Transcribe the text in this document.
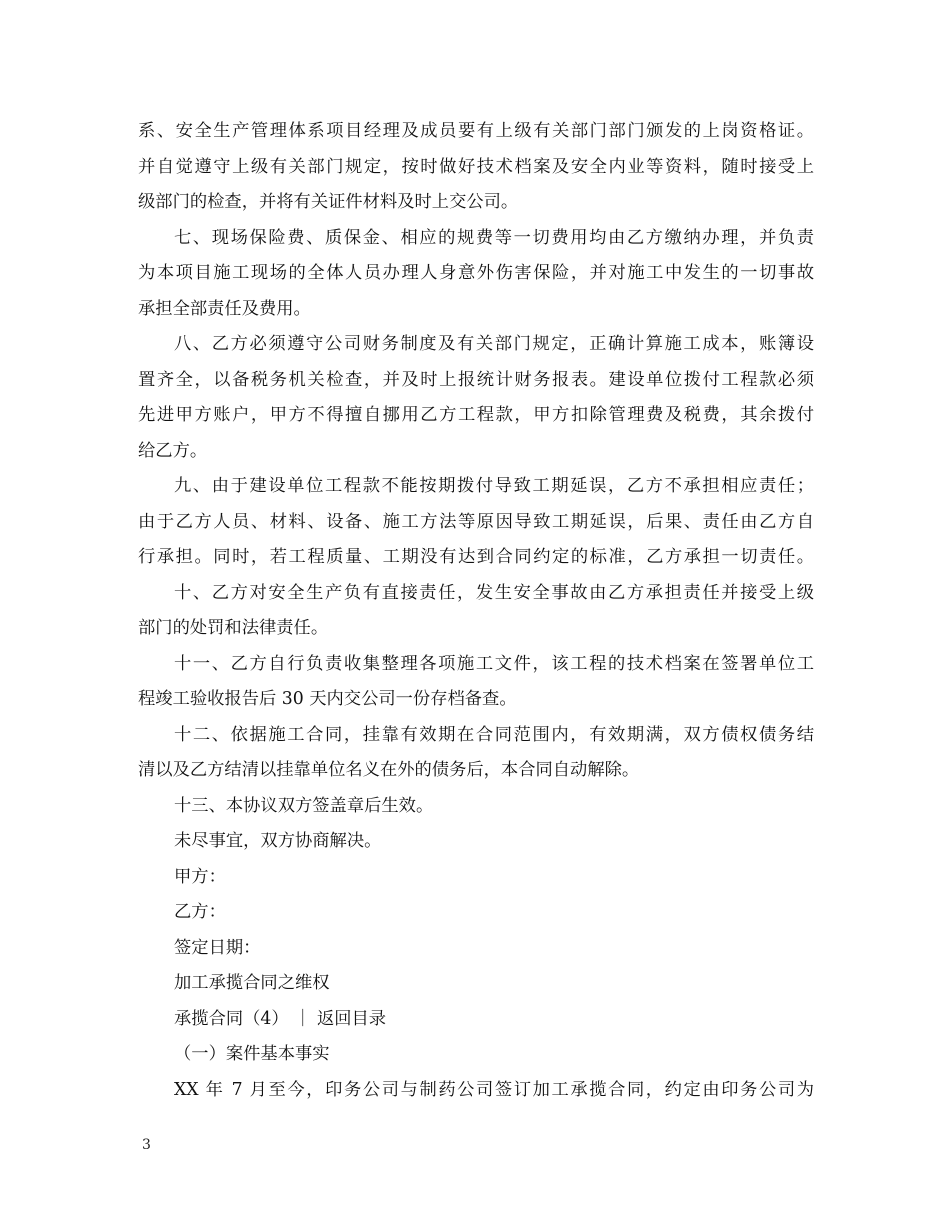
系、安全生产管理体系项目经理及成员要有上级有关部门部门颁发的上岗资格证。
并自觉遵守上级有关部门规定，按时做好技术档案及安全内业等资料，随时接受上
级部门的检查，并将有关证件材料及时上交公司。
七、现场保险费、质保金、相应的规费等一切费用均由乙方缴纳办理，并负责
为本项目施工现场的全体人员办理人身意外伤害保险，并对施工中发生的一切事故
承担全部责任及费用。
八、乙方必须遵守公司财务制度及有关部门规定，正确计算施工成本，账簿设
置齐全，以备税务机关检查，并及时上报统计财务报表。建设单位拨付工程款必须
先进甲方账户，甲方不得擅自挪用乙方工程款，甲方扣除管理费及税费，其余拨付
给乙方。
九、由于建设单位工程款不能按期拨付导致工期延误，乙方不承担相应责任；
由于乙方人员、材料、设备、施工方法等原因导致工期延误，后果、责任由乙方自
行承担。同时，若工程质量、工期没有达到合同约定的标准，乙方承担一切责任。
十、乙方对安全生产负有直接责任，发生安全事故由乙方承担责任并接受上级
部门的处罚和法律责任。
十一、乙方自行负责收集整理各项施工文件，该工程的技术档案在签署单位工
程竣工验收报告后 30 天内交公司一份存档备查。
十二、依据施工合同，挂靠有效期在合同范围内，有效期满，双方债权债务结
清以及乙方结清以挂靠单位名义在外的债务后，本合同自动解除。
十三、本协议双方签盖章后生效。
未尽事宜，双方协商解决。
甲方：
乙方：
签定日期：
加工承揽合同之维权
承揽合同（4） ｜ 返回目录
（一）案件基本事实
XX 年 7 月至今，印务公司与制药公司签订加工承揽合同，约定由印务公司为
3
